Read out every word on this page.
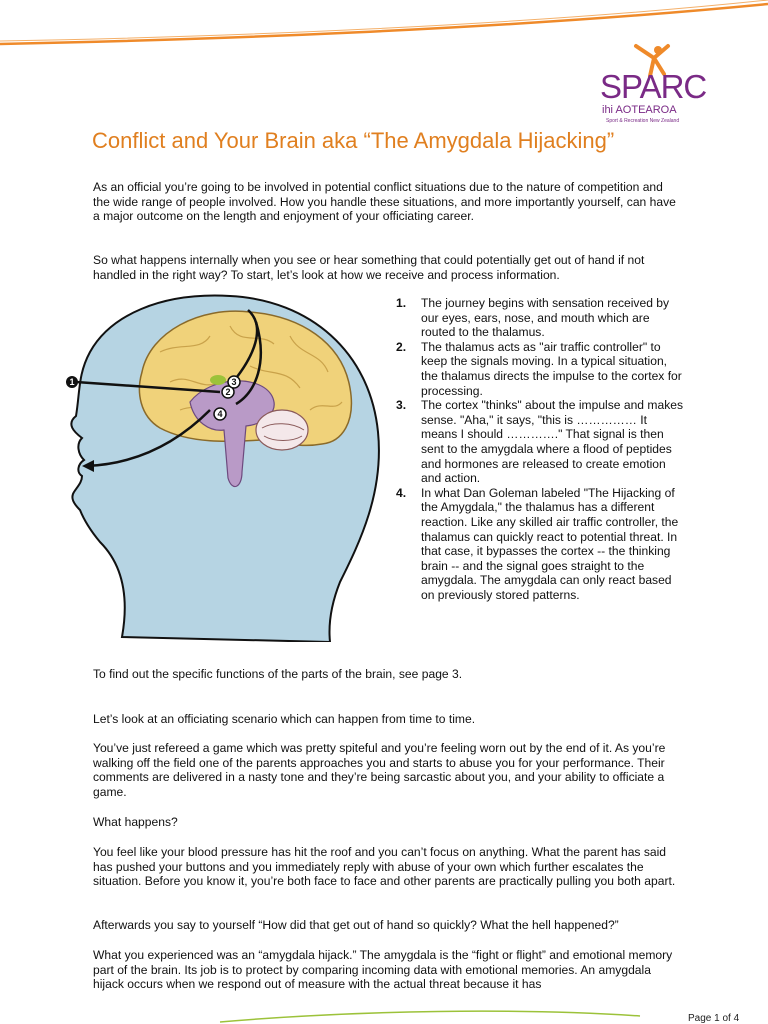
SPARC
ihi AOTEAROA
Sport & Recreation New Zealand
Conflict and Your Brain aka “The Amygdala Hijacking”

As an official you’re going to be involved in potential conflict situations due to the nature of competition and the wide range of people involved. How you handle these situations, and more importantly yourself, can have a major outcome on the length and enjoyment of your officiating career.

So what happens internally when you see or hear something that could potentially get out of hand if not handled in the right way? To start, let’s look at how we receive and process information.

1
2
3
4
1. The journey begins with sensation received by our eyes, ears, nose, and mouth which are routed to the thalamus.
2. The thalamus acts as "air traffic controller" to keep the signals moving. In a typical situation, the thalamus directs the impulse to the cortex for processing.
3. The cortex "thinks" about the impulse and makes sense. "Aha," it says, "this is …………… It means I should …………." That signal is then sent to the amygdala where a flood of peptides and hormones are released to create emotion and action.
4. In what Dan Goleman labeled "The Hijacking of the Amygdala," the thalamus has a different reaction. Like any skilled air traffic controller, the thalamus can quickly react to potential threat. In that case, it bypasses the cortex -- the thinking brain -- and the signal goes straight to the amygdala. The amygdala can only react based on previously stored patterns.

To find out the specific functions of the parts of the brain, see page 3.

Let’s look at an officiating scenario which can happen from time to time.

You’ve just refereed a game which was pretty spiteful and you’re feeling worn out by the end of it. As you’re walking off the field one of the parents approaches you and starts to abuse you for your performance. Their comments are delivered in a nasty tone and they’re being sarcastic about you, and your ability to officiate a game.

What happens?

You feel like your blood pressure has hit the roof and you can’t focus on anything. What the parent has said has pushed your buttons and you immediately reply with abuse of your own which further escalates the situation. Before you know it, you’re both face to face and other parents are practically pulling you both apart.

Afterwards you say to yourself “How did that get out of hand so quickly? What the hell happened?”

What you experienced was an “amygdala hijack.” The amygdala is the “fight or flight” and emotional memory part of the brain. Its job is to protect by comparing incoming data with emotional memories. An amygdala hijack occurs when we respond out of measure with the actual threat because it has

Page 1 of 4
